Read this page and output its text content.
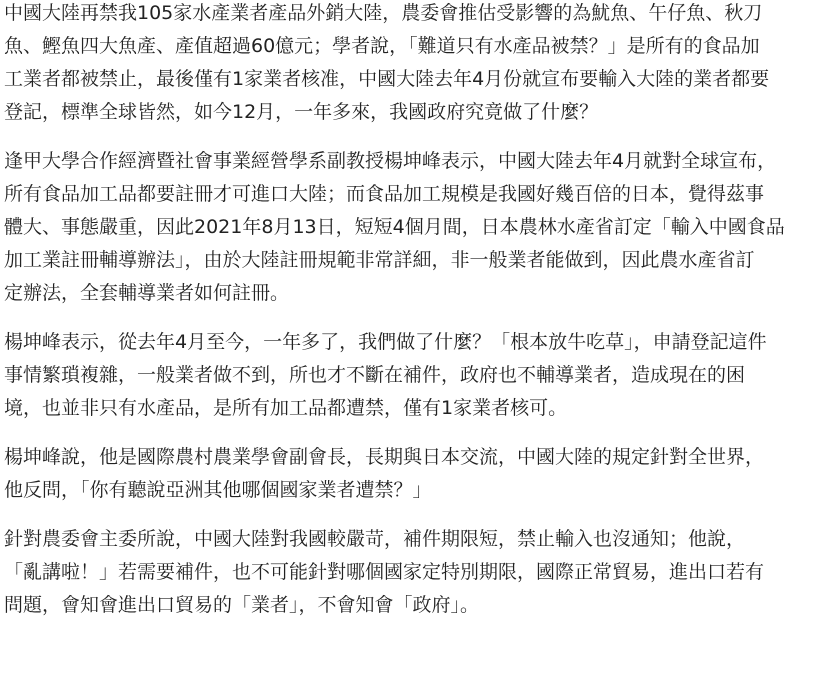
中國大陸再禁我105家水產業者產品外銷大陸，農委會推估受影響的為魷魚、午仔魚、秋刀
魚、鰹魚四大魚產、產值超過60億元；學者說，「難道只有水產品被禁？」是所有的食品加
工業者都被禁止，最後僅有1家業者核准，中國大陸去年4月份就宣布要輸入大陸的業者都要
登記，標準全球皆然，如今12月，一年多來，我國政府究竟做了什麼？

逢甲大學合作經濟暨社會事業經營學系副教授楊坤峰表示，中國大陸去年4月就對全球宣布，
所有食品加工品都要註冊才可進口大陸；而食品加工規模是我國好幾百倍的日本，覺得茲事
體大、事態嚴重，因此2021年8月13日，短短4個月間，日本農林水產省訂定「輸入中國食品
加工業註冊輔導辦法」，由於大陸註冊規範非常詳細，非一般業者能做到，因此農水產省訂
定辦法，全套輔導業者如何註冊。

楊坤峰表示，從去年4月至今，一年多了，我們做了什麼？「根本放牛吃草」，申請登記這件
事情繁瑣複雜，一般業者做不到，所也才不斷在補件，政府也不輔導業者，造成現在的困
境，也並非只有水產品，是所有加工品都遭禁，僅有1家業者核可。

楊坤峰說，他是國際農村農業學會副會長，長期與日本交流，中國大陸的規定針對全世界，
他反問，「你有聽說亞洲其他哪個國家業者遭禁？」

針對農委會主委所說，中國大陸對我國較嚴苛，補件期限短，禁止輸入也沒通知；他說，
「亂講啦！」若需要補件，也不可能針對哪個國家定特別期限，國際正常貿易，進出口若有
問題，會知會進出口貿易的「業者」，不會知會「政府」。
